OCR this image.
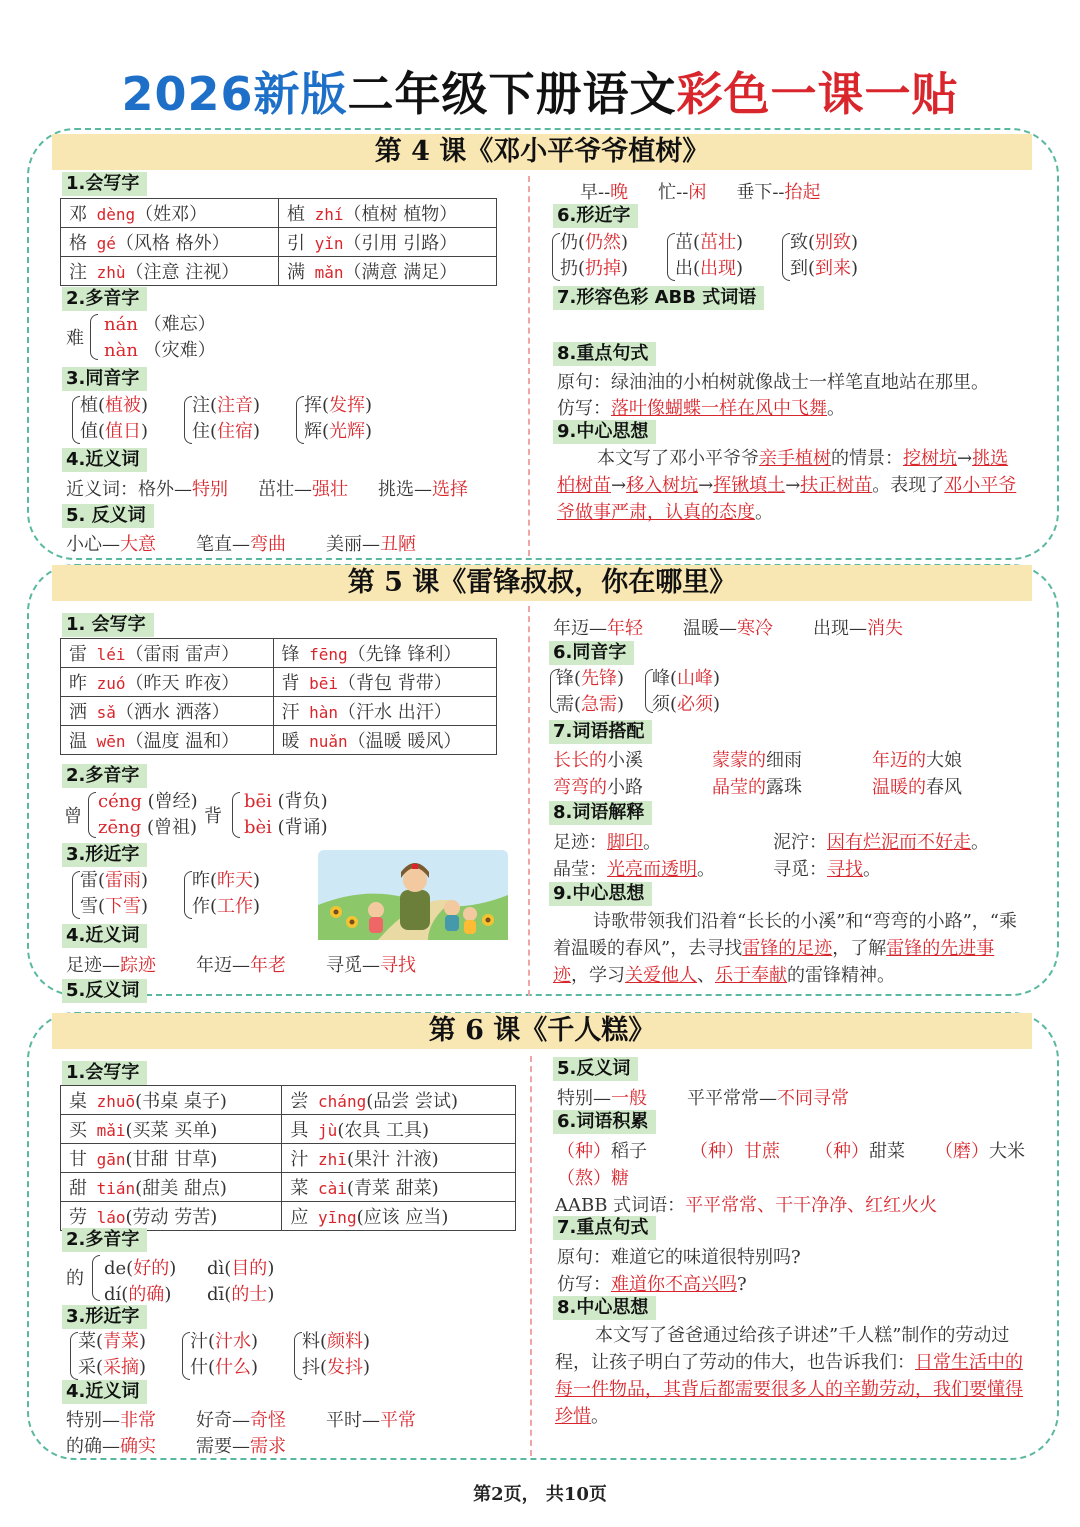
2026新版二年级下册语文彩色一课一贴
第 4 课《邓小平爷爷植树》
1.会写字
邓 dèng（姓邓）	植 zhí（植树 植物）
格 gé（风格 格外）	引 yǐn（引用 引路）
注 zhù（注意 注视）	满 mǎn（满意 满足）
2.多音字
难
nán （难忘）
nàn （灾难）
3.同音字
植(植被)
值(值日)
注(注音)
住(住宿)
挥(发挥)
辉(光辉)
4.近义词
近义词：格外—特别 茁壮—强壮 挑选—选择
5. 反义词
小心—大意 笔直—弯曲 美丽—丑陋
早--晚 忙--闲 垂下--抬起
6.形近字
仍(仍然)
扔(扔掉)
茁(茁壮)
出(出现)
致(别致)
到(到来)
7.形容色彩 ABB 式词语
8.重点句式
原句：绿油油的小柏树就像战士一样笔直地站在那里。
仿写：落叶像蝴蝶一样在风中飞舞。
9.中心思想
本文写了邓小平爷爷亲手植树的情景：挖树坑→挑选柏树苗→移入树坑→挥锹填土→扶正树苗。表现了邓小平爷爷做事严肃，认真的态度。
第 5 课《雷锋叔叔，你在哪里》
1. 会写字
雷 léi（雷雨 雷声）	锋 fēng（先锋 锋利）
昨 zuó（昨天 昨夜）	背 bēi（背包 背带）
洒 sǎ（洒水 洒落）	汗 hàn（汗水 出汗）
温 wēn（温度 温和）	暖 nuǎn（温暖 暖风）
2.多音字
曾
céng (曾经)
zēng (曾祖)
背
bēi (背负)
bèi (背诵)
3.形近字
雷(雷雨)
雪(下雪)
昨(昨天)
作(工作)
4.近义词
足迹—踪迹 年迈—年老 寻觅—寻找
5.反义词
年迈—年轻 温暖—寒冷 出现—消失
6.同音字
锋(先锋)
需(急需)
峰(山峰)
须(必须)
7.词语搭配
长长的小溪	蒙蒙的细雨	年迈的大娘
弯弯的小路	晶莹的露珠	温暖的春风
8.词语解释
足迹：脚印。	泥泞：因有烂泥而不好走。
晶莹：光亮而透明。	寻觅：寻找。
9.中心思想
诗歌带领我们沿着“长长的小溪”和“弯弯的小路”，“乘着温暖的春风”，去寻找雷锋的足迹，了解雷锋的先进事迹，学习关爱他人、乐于奉献的雷锋精神。
第 6 课《千人糕》
1.会写字
桌 zhuō(书桌 桌子)	尝 cháng(品尝 尝试)
买 mǎi(买菜 买单)	具 jù(农具 工具)
甘 gān(甘甜 甘草)	汁 zhī(果汁 汁液)
甜 tián(甜美 甜点)	菜 cài(青菜 甜菜)
劳 láo(劳动 劳苦)	应 yīng(应该 应当)
2.多音字
的 de(好的) dì(目的)
dí(的确) dī(的士)
3.形近字
菜(青菜)
采(采摘)
汁(汁水)
什(什么)
料(颜料)
抖(发抖)
4.近义词
特别—非常 好奇—奇怪 平时—平常
的确—确实 需要—需求
5.反义词
特别—一般 平平常常—不同寻常
6.词语积累
（种）稻子 （种）甘蔗 （种）甜菜 （磨）大米
（熬）糖
AABB 式词语：平平常常、干干净净、红红火火
7.重点句式
原句：难道它的味道很特别吗?
仿写：难道你不高兴吗?
8.中心思想
本文写了爸爸通过给孩子讲述”千人糕”制作的劳动过程，让孩子明白了劳动的伟大，也告诉我们：日常生活中的每一件物品，其背后都需要很多人的辛勤劳动，我们要懂得珍惜。
第2页， 共10页
